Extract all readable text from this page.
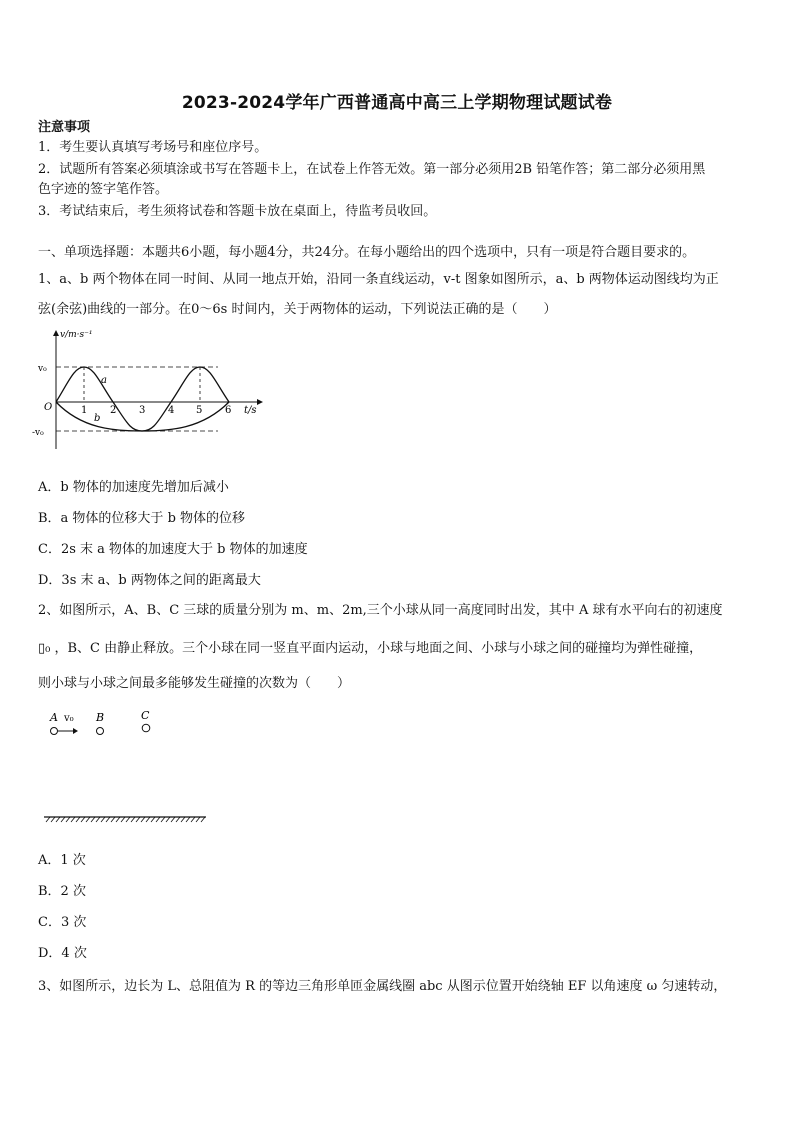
2023-2024学年广西普通高中高三上学期物理试题试卷
注意事项
1．考生要认真填写考场号和座位序号。
2．试题所有答案必须填涂或书写在答题卡上，在试卷上作答无效。第一部分必须用2B 铅笔作答；第二部分必须用黑
色字迹的签字笔作答。
3．考试结束后，考生须将试卷和答题卡放在桌面上，待监考员收回。
一、单项选择题：本题共6小题，每小题4分，共24分。在每小题给出的四个选项中，只有一项是符合题目要求的。
1、a、b 两个物体在同一时间、从同一地点开始，沿同一条直线运动，v-t 图象如图所示，a、b 两物体运动图线均为正
弦(余弦)曲线的一部分。在0～6s 时间内，关于两物体的运动，下列说法正确的是（　　）
v/m·s⁻¹
t/s
O
v₀
-v₀
1 2 3 4 5 6
a
b
A．b 物体的加速度先增加后减小
B．a 物体的位移大于 b 物体的位移
C．2s 末 a 物体的加速度大于 b 物体的加速度
D．3s 末 a、b 两物体之间的距离最大
2、如图所示，A、B、C 三球的质量分别为 m、m、2m,三个小球从同一高度同时出发，其中 A 球有水平向右的初速度
▯₀ ，B、C 由静止释放。三个小球在同一竖直平面内运动，小球与地面之间、小球与小球之间的碰撞均为弹性碰撞，
则小球与小球之间最多能够发生碰撞的次数为（　　）
A v₀ B	C
A．1 次
B．2 次
C．3 次
D．4 次
3、如图所示，边长为 L、总阻值为 R 的等边三角形单匝金属线圈 abc 从图示位置开始绕轴 EF 以角速度 ω 匀速转动，
